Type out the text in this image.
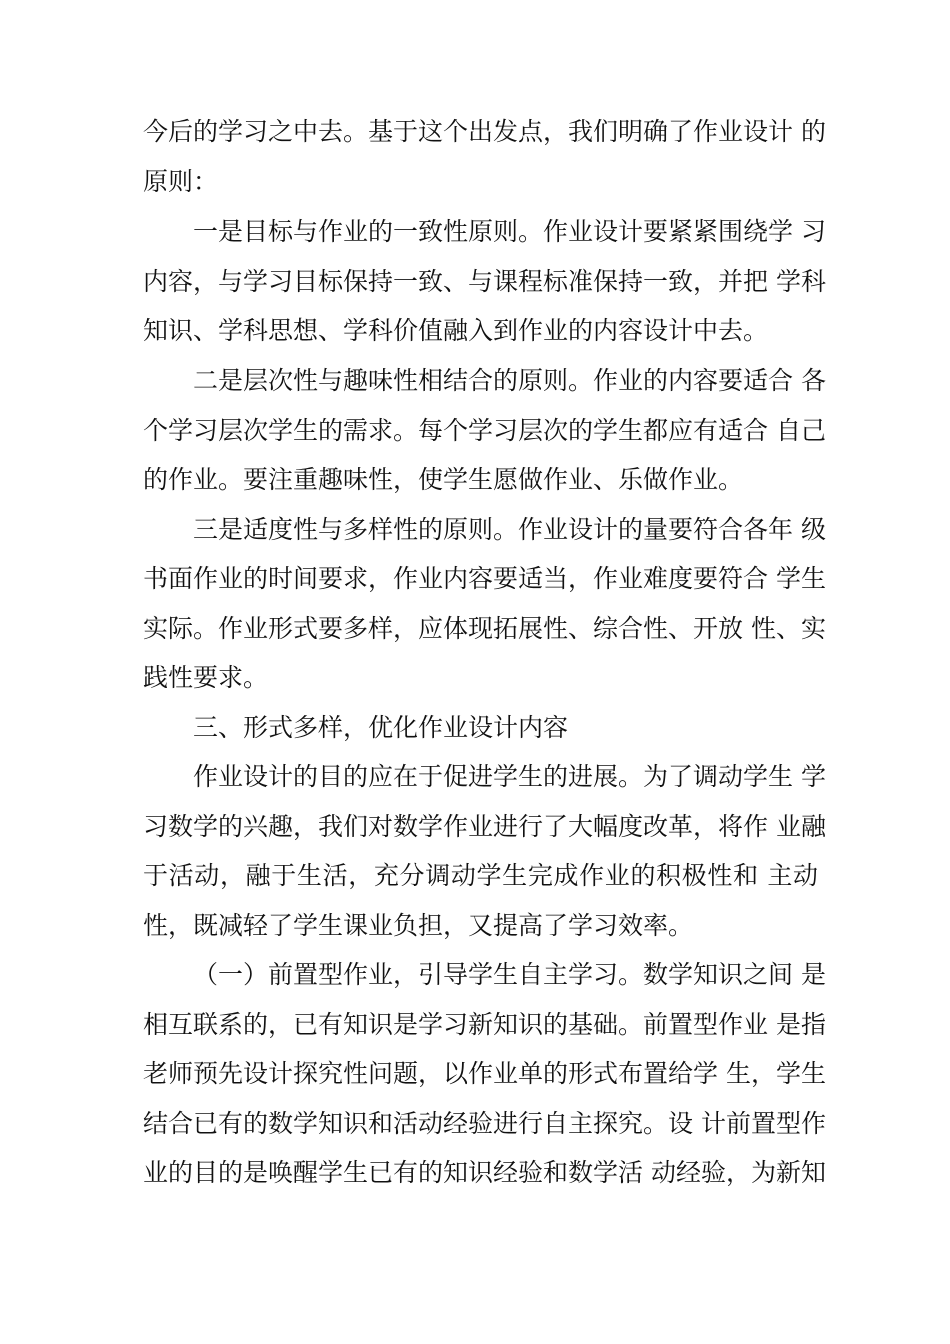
今后的学习之中去。基于这个出发点，我们明确了作业设计 的
原则：
一是目标与作业的一致性原则。作业设计要紧紧围绕学 习
内容，与学习目标保持一致、与课程标准保持一致，并把 学科
知识、学科思想、学科价值融入到作业的内容设计中去。
二是层次性与趣味性相结合的原则。作业的内容要适合 各
个学习层次学生的需求。每个学习层次的学生都应有适合 自己
的作业。要注重趣味性，使学生愿做作业、乐做作业。
三是适度性与多样性的原则。作业设计的量要符合各年 级
书面作业的时间要求，作业内容要适当，作业难度要符合 学生
实际。作业形式要多样，应体现拓展性、综合性、开放 性、实
践性要求。
三、形式多样，优化作业设计内容
作业设计的目的应在于促进学生的进展。为了调动学生 学
习数学的兴趣，我们对数学作业进行了大幅度改革，将作 业融
于活动，融于生活，充分调动学生完成作业的积极性和 主动
性，既减轻了学生课业负担，又提高了学习效率。
（一）前置型作业，引导学生自主学习。数学知识之间 是
相互联系的，已有知识是学习新知识的基础。前置型作业 是指
老师预先设计探究性问题，以作业单的形式布置给学 生，学生
结合已有的数学知识和活动经验进行自主探究。设 计前置型作
业的目的是唤醒学生已有的知识经验和数学活 动经验，为新知
